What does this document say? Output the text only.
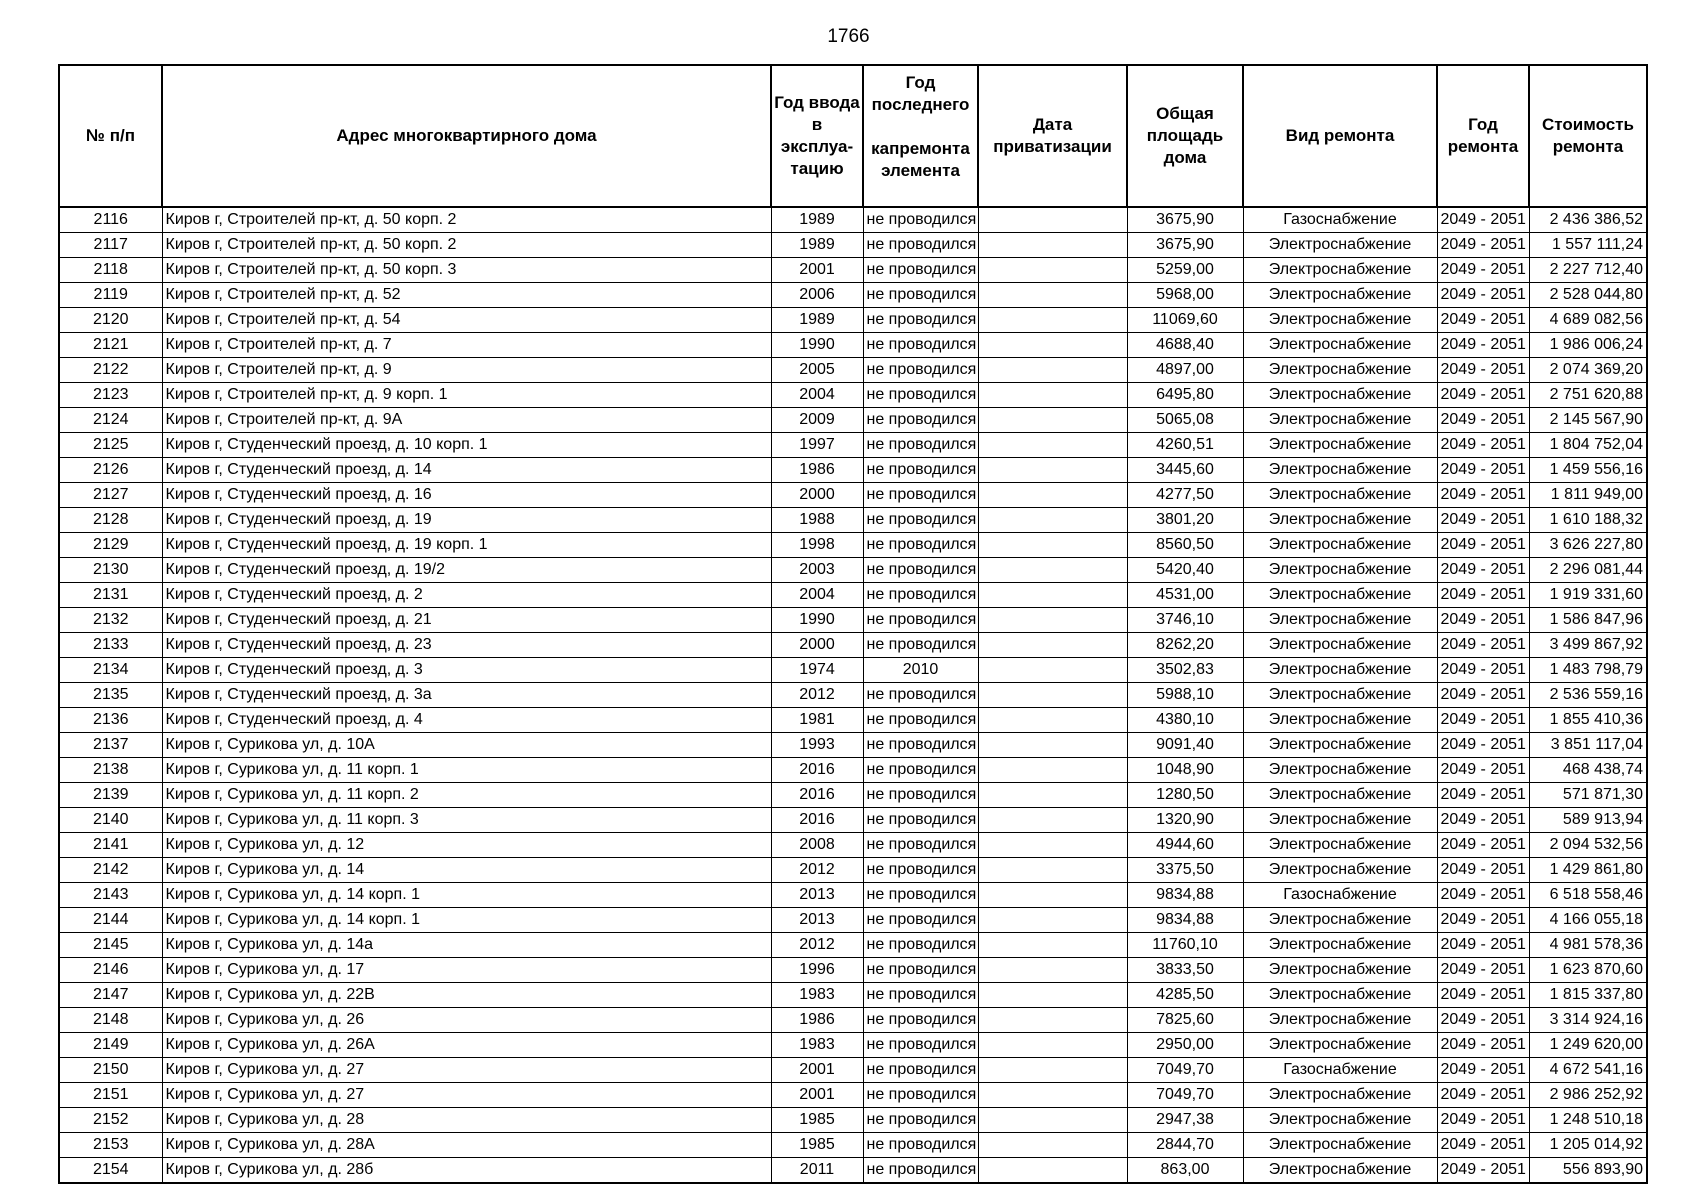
1766
№ п/п	Адрес многоквартирного дома	Год ввода в эксплуа-тацию	Год последнего
капремонта элемента	Дата приватизации	Общая площадь дома	Вид ремонта	Год ремонта	Стоимость ремонта
2116	Киров г, Строителей пр-кт, д. 50 корп. 2	1989	не проводился		3675,90	Газоснабжение	2049 - 2051	2 436 386,52
2117	Киров г, Строителей пр-кт, д. 50 корп. 2	1989	не проводился		3675,90	Электроснабжение	2049 - 2051	1 557 111,24
2118	Киров г, Строителей пр-кт, д. 50 корп. 3	2001	не проводился		5259,00	Электроснабжение	2049 - 2051	2 227 712,40
2119	Киров г, Строителей пр-кт, д. 52	2006	не проводился		5968,00	Электроснабжение	2049 - 2051	2 528 044,80
2120	Киров г, Строителей пр-кт, д. 54	1989	не проводился		11069,60	Электроснабжение	2049 - 2051	4 689 082,56
2121	Киров г, Строителей пр-кт, д. 7	1990	не проводился		4688,40	Электроснабжение	2049 - 2051	1 986 006,24
2122	Киров г, Строителей пр-кт, д. 9	2005	не проводился		4897,00	Электроснабжение	2049 - 2051	2 074 369,20
2123	Киров г, Строителей пр-кт, д. 9 корп. 1	2004	не проводился		6495,80	Электроснабжение	2049 - 2051	2 751 620,88
2124	Киров г, Строителей пр-кт, д. 9А	2009	не проводился		5065,08	Электроснабжение	2049 - 2051	2 145 567,90
2125	Киров г, Студенческий проезд, д. 10 корп. 1	1997	не проводился		4260,51	Электроснабжение	2049 - 2051	1 804 752,04
2126	Киров г, Студенческий проезд, д. 14	1986	не проводился		3445,60	Электроснабжение	2049 - 2051	1 459 556,16
2127	Киров г, Студенческий проезд, д. 16	2000	не проводился		4277,50	Электроснабжение	2049 - 2051	1 811 949,00
2128	Киров г, Студенческий проезд, д. 19	1988	не проводился		3801,20	Электроснабжение	2049 - 2051	1 610 188,32
2129	Киров г, Студенческий проезд, д. 19 корп. 1	1998	не проводился		8560,50	Электроснабжение	2049 - 2051	3 626 227,80
2130	Киров г, Студенческий проезд, д. 19/2	2003	не проводился		5420,40	Электроснабжение	2049 - 2051	2 296 081,44
2131	Киров г, Студенческий проезд, д. 2	2004	не проводился		4531,00	Электроснабжение	2049 - 2051	1 919 331,60
2132	Киров г, Студенческий проезд, д. 21	1990	не проводился		3746,10	Электроснабжение	2049 - 2051	1 586 847,96
2133	Киров г, Студенческий проезд, д. 23	2000	не проводился		8262,20	Электроснабжение	2049 - 2051	3 499 867,92
2134	Киров г, Студенческий проезд, д. 3	1974	2010		3502,83	Электроснабжение	2049 - 2051	1 483 798,79
2135	Киров г, Студенческий проезд, д. 3а	2012	не проводился		5988,10	Электроснабжение	2049 - 2051	2 536 559,16
2136	Киров г, Студенческий проезд, д. 4	1981	не проводился		4380,10	Электроснабжение	2049 - 2051	1 855 410,36
2137	Киров г, Сурикова ул, д. 10А	1993	не проводился		9091,40	Электроснабжение	2049 - 2051	3 851 117,04
2138	Киров г, Сурикова ул, д. 11 корп. 1	2016	не проводился		1048,90	Электроснабжение	2049 - 2051	468 438,74
2139	Киров г, Сурикова ул, д. 11 корп. 2	2016	не проводился		1280,50	Электроснабжение	2049 - 2051	571 871,30
2140	Киров г, Сурикова ул, д. 11 корп. 3	2016	не проводился		1320,90	Электроснабжение	2049 - 2051	589 913,94
2141	Киров г, Сурикова ул, д. 12	2008	не проводился		4944,60	Электроснабжение	2049 - 2051	2 094 532,56
2142	Киров г, Сурикова ул, д. 14	2012	не проводился		3375,50	Электроснабжение	2049 - 2051	1 429 861,80
2143	Киров г, Сурикова ул, д. 14 корп. 1	2013	не проводился		9834,88	Газоснабжение	2049 - 2051	6 518 558,46
2144	Киров г, Сурикова ул, д. 14 корп. 1	2013	не проводился		9834,88	Электроснабжение	2049 - 2051	4 166 055,18
2145	Киров г, Сурикова ул, д. 14а	2012	не проводился		11760,10	Электроснабжение	2049 - 2051	4 981 578,36
2146	Киров г, Сурикова ул, д. 17	1996	не проводился		3833,50	Электроснабжение	2049 - 2051	1 623 870,60
2147	Киров г, Сурикова ул, д. 22В	1983	не проводился		4285,50	Электроснабжение	2049 - 2051	1 815 337,80
2148	Киров г, Сурикова ул, д. 26	1986	не проводился		7825,60	Электроснабжение	2049 - 2051	3 314 924,16
2149	Киров г, Сурикова ул, д. 26А	1983	не проводился		2950,00	Электроснабжение	2049 - 2051	1 249 620,00
2150	Киров г, Сурикова ул, д. 27	2001	не проводился		7049,70	Газоснабжение	2049 - 2051	4 672 541,16
2151	Киров г, Сурикова ул, д. 27	2001	не проводился		7049,70	Электроснабжение	2049 - 2051	2 986 252,92
2152	Киров г, Сурикова ул, д. 28	1985	не проводился		2947,38	Электроснабжение	2049 - 2051	1 248 510,18
2153	Киров г, Сурикова ул, д. 28А	1985	не проводился		2844,70	Электроснабжение	2049 - 2051	1 205 014,92
2154	Киров г, Сурикова ул, д. 28б	2011	не проводился		863,00	Электроснабжение	2049 - 2051	556 893,90
